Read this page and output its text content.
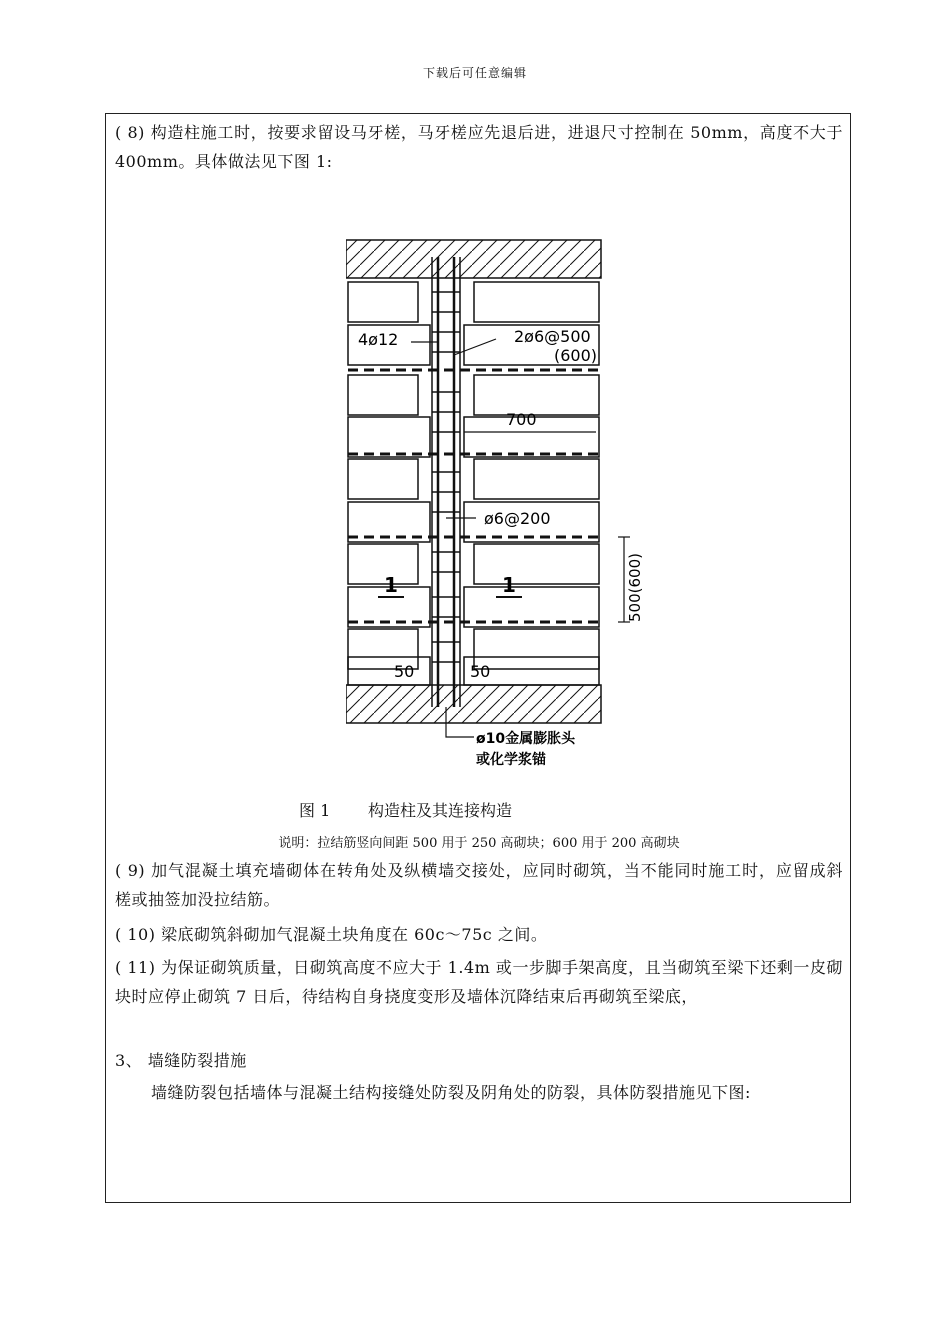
下载后可任意编辑

( 8) 构造柱施工时，按要求留设马牙槎，马牙槎应先退后进，进退尺寸控制在 50mm，高度不大于 400mm。具体做法见下图 1:

4ø12	2ø6@500
(600)
700
ø6@200
500(600)
1	1
50	50
ø10金属膨胀头
或化学浆锚
图 1 构造柱及其连接构造
说明：拉结筋竖向间距 500 用于 250 高砌块；600 用于 200 高砌块

( 9) 加气混凝土填充墙砌体在转角处及纵横墙交接处，应同时砌筑，当不能同时施工时，应留成斜槎或抽签加没拉结筋。

( 10) 梁底砌筑斜砌加气混凝土块角度在 60c～75c 之间。

( 11) 为保证砌筑质量，日砌筑高度不应大于 1.4m 或一步脚手架高度，且当砌筑至梁下还剩一皮砌块时应停止砌筑 7 日后，待结构自身挠度变形及墙体沉降结束后再砌筑至梁底，

3、 墙缝防裂措施

墙缝防裂包括墙体与混凝土结构接缝处防裂及阴角处的防裂，具体防裂措施见下图:
